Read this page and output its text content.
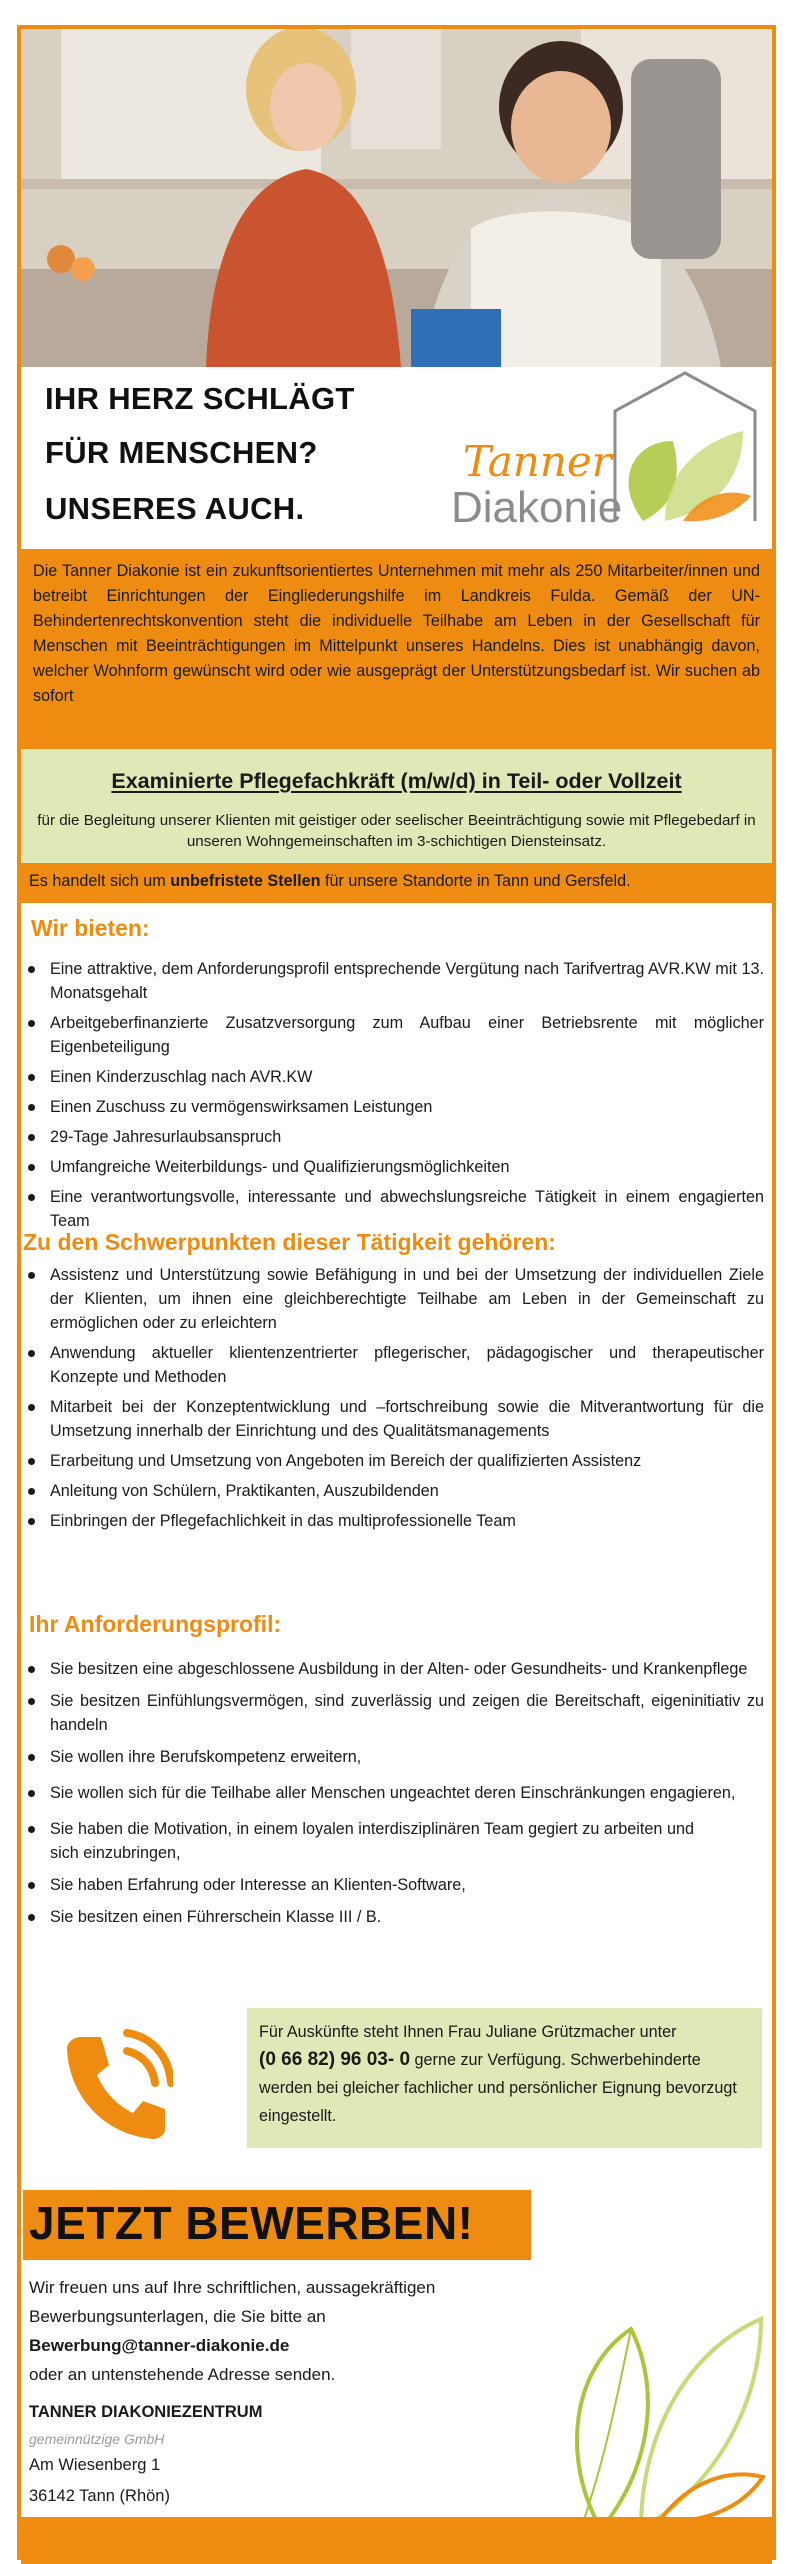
IHR HERZ SCHLÄGT
FÜR MENSCHEN?
UNSERES AUCH.
Tanner
Diakonie
Die Tanner Diakonie ist ein zukunftsorientiertes Unternehmen mit mehr als 250 Mitarbeiter/innen und betreibt Einrichtungen der Eingliederungshilfe im Landkreis Fulda. Gemäß der UN- Behindertenrechtskonvention steht die individuelle Teilhabe am Leben in der Gesellschaft für Menschen mit Beeinträchtigungen im Mittelpunkt unseres Handelns. Dies ist unabhängig davon, welcher Wohnform gewünscht wird oder wie ausgeprägt der Unterstützungsbedarf ist. Wir suchen ab sofort
Examinierte Pflegefachkräft (m/w/d) in Teil- oder Vollzeit
für die Begleitung unserer Klienten mit geistiger oder seelischer Beeinträchtigung sowie mit Pflegebedarf in unseren Wohngemeinschaften im 3-schichtigen Diensteinsatz.
Es handelt sich um unbefristete Stellen für unsere Standorte in Tann und Gersfeld.
Wir bieten:
Eine attraktive, dem Anforderungsprofil entsprechende Vergütung nach Tarifvertrag AVR.KW mit 13. Monatsgehalt
Arbeitgeberfinanzierte Zusatzversorgung zum Aufbau einer Betriebsrente mit möglicher Eigenbeteiligung
Einen Kinderzuschlag nach AVR.KW
Einen Zuschuss zu vermögenswirksamen Leistungen
29-Tage Jahresurlaubsanspruch
Umfangreiche Weiterbildungs- und Qualifizierungsmöglichkeiten
Eine verantwortungsvolle, interessante und abwechslungsreiche Tätigkeit in einem engagierten Team
Zu den Schwerpunkten dieser Tätigkeit gehören:
Assistenz und Unterstützung sowie Befähigung in und bei der Umsetzung der individuellen Ziele der Klienten, um ihnen eine gleichberechtigte Teilhabe am Leben in der Gemeinschaft zu ermöglichen oder zu erleichtern
Anwendung aktueller klientenzentrierter pflegerischer, pädagogischer und therapeutischer Konzepte und Methoden
Mitarbeit bei der Konzeptentwicklung und –fortschreibung sowie die Mitverantwortung für die Umsetzung innerhalb der Einrichtung und des Qualitätsmanagements
Erarbeitung und Umsetzung von Angeboten im Bereich der qualifizierten Assistenz
Anleitung von Schülern, Praktikanten, Auszubildenden
Einbringen der Pflegefachlichkeit in das multiprofessionelle Team
Ihr Anforderungsprofil:
Sie besitzen eine abgeschlossene Ausbildung in der Alten- oder Gesundheits- und Krankenpflege
Sie besitzen Einfühlungsvermögen, sind zuverlässig und zeigen die Bereitschaft, eigeninitiativ zu handeln
Sie wollen ihre Berufskompetenz erweitern,
Sie wollen sich für die Teilhabe aller Menschen ungeachtet deren Einschränkungen engagieren,
Sie haben die Motivation, in einem loyalen interdisziplinären Team gegiert zu arbeiten und sich einzubringen,
Sie haben Erfahrung oder Interesse an Klienten-Software,
Sie besitzen einen Führerschein Klasse III / B.
Für Auskünfte steht Ihnen Frau Juliane Grützmacher unter
(0 66 82) 96 03- 0 gerne zur Verfügung. Schwerbehinderte werden bei gleicher fachlicher und persönlicher Eignung bevorzugt eingestellt.
JETZT BEWERBEN!
Wir freuen uns auf Ihre schriftlichen, aussagekräftigen Bewerbungsunterlagen, die Sie bitte an
Bewerbung@tanner-diakonie.de
oder an untenstehende Adresse senden.
TANNER DIAKONIEZENTRUM
gemeinnützige GmbH
Am Wiesenberg 1
36142 Tann (Rhön)
